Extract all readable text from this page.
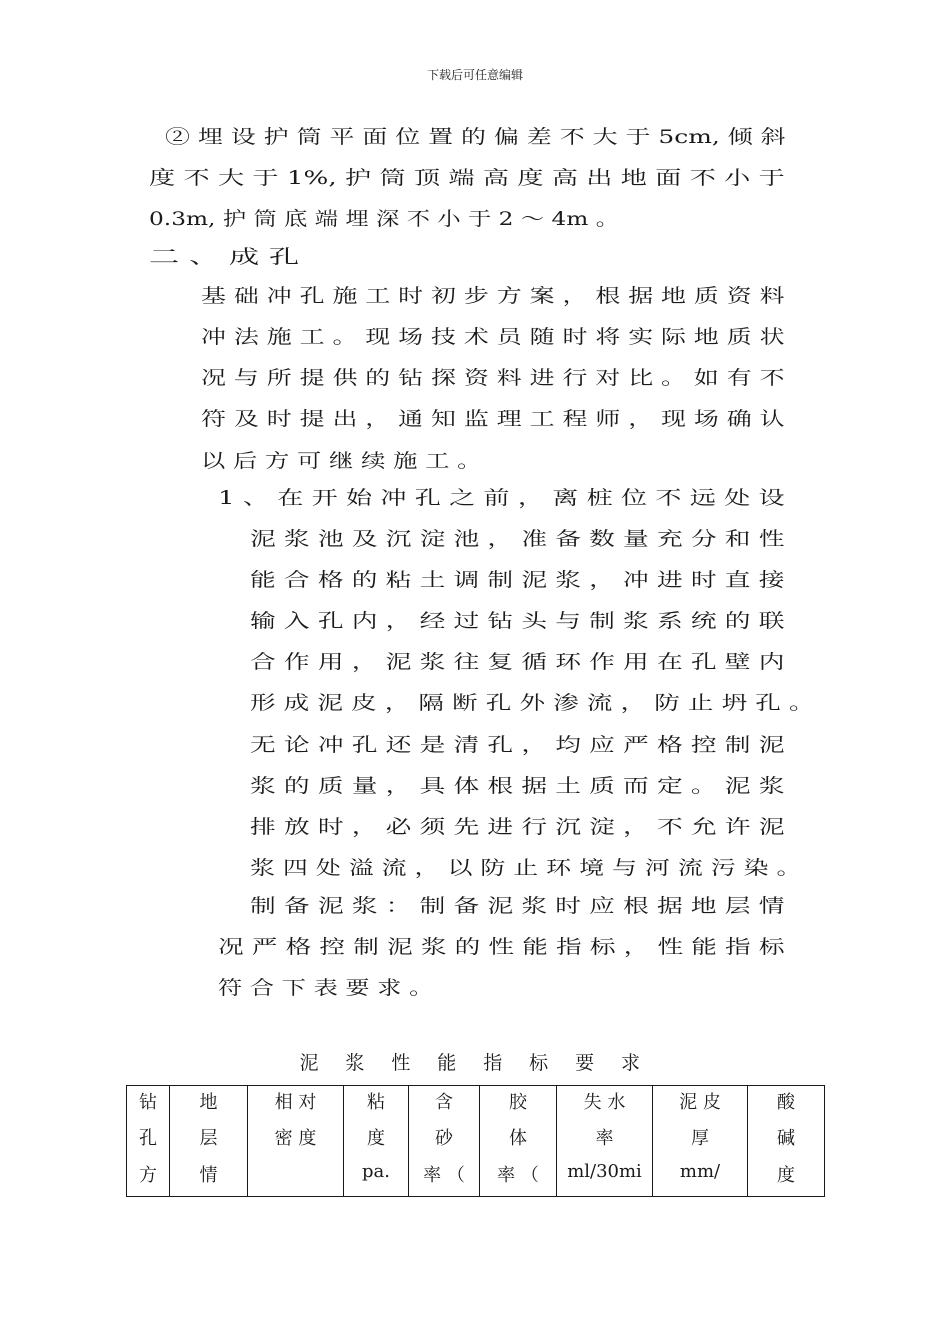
下载后可任意编辑
② 埋 设 护 筒 平 面 位 置 的 偏 差 不 大 于 5cm, 倾 斜
度 不 大 于 1%, 护 筒 顶 端 高 度 高 出 地 面 不 小 于
0.3m, 护 筒 底 端 埋 深 不 小 于 2 ～ 4m 。
二 、 成 孔
基 础 冲 孔 施 工 时 初 步 方 案 ， 根 据 地 质 资 料
冲 法 施 工 。 现 场 技 术 员 随 时 将 实 际 地 质 状
况 与 所 提 供 的 钻 探 资 料 进 行 对 比 。 如 有 不
符 及 时 提 出 ， 通 知 监 理 工 程 师 ， 现 场 确 认
以 后 方 可 继 续 施 工 。
1 、 在 开 始 冲 孔 之 前 ， 离 桩 位 不 远 处 设
泥 浆 池 及 沉 淀 池 ， 准 备 数 量 充 分 和 性
能 合 格 的 粘 土 调 制 泥 浆 ， 冲 进 时 直 接
输 入 孔 内 ， 经 过 钻 头 与 制 浆 系 统 的 联
合 作 用 ， 泥 浆 往 复 循 环 作 用 在 孔 壁 内
形 成 泥 皮 ， 隔 断 孔 外 渗 流 ， 防 止 坍 孔 。
无 论 冲 孔 还 是 清 孔 ， 均 应 严 格 控 制 泥
浆 的 质 量 ， 具 体 根 据 土 质 而 定 。 泥 浆
排 放 时 ， 必 须 先 进 行 沉 淀 ， 不 允 许 泥
浆 四 处 溢 流 ， 以 防 止 环 境 与 河 流 污 染 。
制 备 泥 浆 ： 制 备 泥 浆 时 应 根 据 地 层 情
况 严 格 控 制 泥 浆 的 性 能 指 标 ， 性 能 指 标
符 合 下 表 要 求 。
泥 浆 性 能 指 标 要 求
钻
孔
方
地
层
情
相 对
密 度
粘
度
pa.
含
砂
率 （
胶
体
率 （
失 水
率
ml/30mi
泥 皮
厚
mm/
酸
碱
度
